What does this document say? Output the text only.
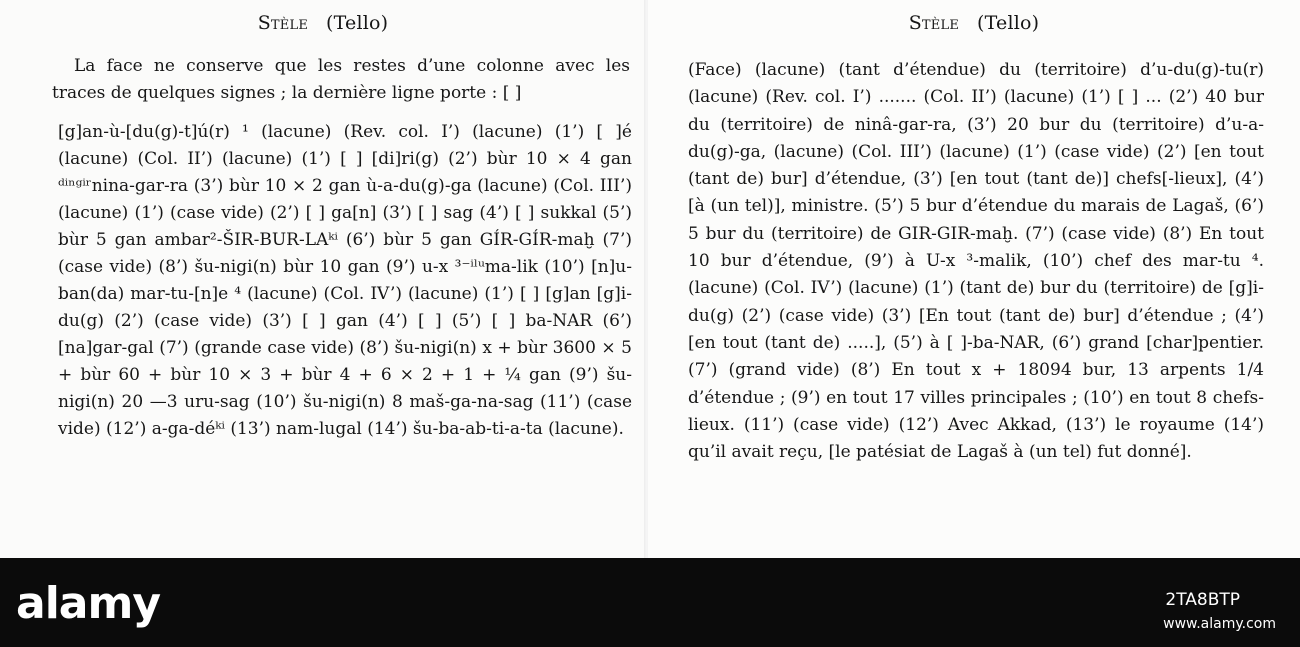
Stèle (Tello)

La face ne conserve que les restes d’une colonne avec les traces de quelques signes ; la dernière ligne porte : [ ]

[g]an-ù-[du(g)-t]ú(r) ¹ (lacune) (Rev. col. I’) (lacune) (1’) [ ]é (lacune) (Col. II’) (lacune) (1’) [ ] [di]ri(g) (2’) bùr 10 × 4 gan ᵈⁱⁿᵍⁱʳnina-gar-ra (3’) bùr 10 × 2 gan ù-a-du(g)-ga (lacune) (Col. III’) (lacune) (1’) (case vide) (2’) [ ] ga[n] (3’) [ ] sag (4’) [ ] sukkal (5’) bùr 5 gan ambar²-ŠIR-BUR-LAᵏⁱ (6’) bùr 5 gan GÍR-GÍR-maḫ (7’) (case vide) (8’) šu-nigi(n) bùr 10 gan (9’) u-x ³⁻ⁱˡᵘma-lik (10’) [n]u-ban(da) mar-tu-[n]e ⁴ (lacune) (Col. IV’) (lacune) (1’) [ ] [g]an [g]i-du(g) (2’) (case vide) (3’) [ ] gan (4’) [ ] (5’) [ ] ba-NAR (6’) [na]gar-gal (7’) (grande case vide) (8’) šu-nigi(n) x + bùr 3600 × 5 + bùr 60 + bùr 10 × 3 + bùr 4 + 6 × 2 + 1 + ¼ gan (9’) šu-nigi(n) 20 —3 uru-sag (10’) šu-nigi(n) 8 maš-ga-na-sag (11’) (case vide) (12’) a-ga-déᵏⁱ (13’) nam-lugal (14’) šu-ba-ab-ti-a-ta (lacune).

Stèle (Tello)

(Face) (lacune) (tant d’étendue) du (territoire) d’u-du(g)-tu(r) (lacune) (Rev. col. I’) ....... (Col. II’) (lacune) (1’) [ ] ... (2’) 40 bur du (territoire) de ninâ-gar-ra, (3’) 20 bur du (territoire) d’u-a-du(g)-ga, (lacune) (Col. III’) (lacune) (1’) (case vide) (2’) [en tout (tant de) bur] d’étendue, (3’) [en tout (tant de)] chefs[-lieux], (4’) [à (un tel)], ministre. (5’) 5 bur d’étendue du marais de Lagaš, (6’) 5 bur du (territoire) de GIR-GIR-maḫ. (7’) (case vide) (8’) En tout 10 bur d’étendue, (9’) à U-x ³-malik, (10’) chef des mar-tu ⁴. (lacune) (Col. IV’) (lacune) (1’) (tant de) bur du (territoire) de [g]i-du(g) (2’) (case vide) (3’) [En tout (tant de) bur] d’étendue ; (4’) [en tout (tant de) .....], (5’) à [ ]-ba-NAR, (6’) grand [char]pentier. (7’) (grand vide) (8’) En tout x + 18094 bur, 13 arpents 1/4 d’étendue ; (9’) en tout 17 villes principales ; (10’) en tout 8 chefs-lieux. (11’) (case vide) (12’) Avec Akkad, (13’) le royaume (14’) qu’il avait reçu, [le patésiat de Lagaš à (un tel) fut donné].

alamy	2TA8BTP
www.alamy.com
